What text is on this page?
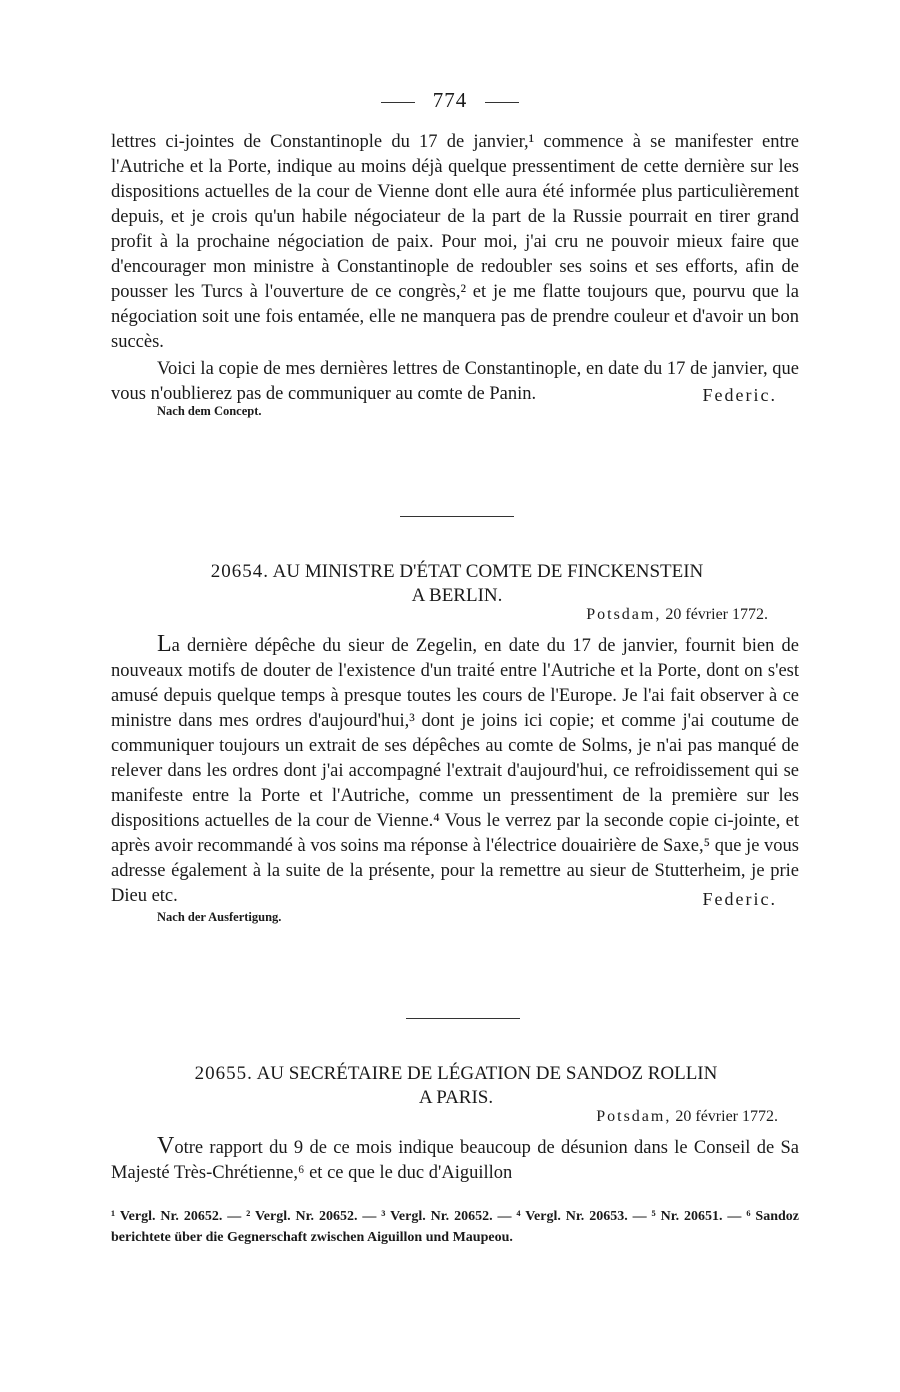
774

lettres ci-jointes de Constantinople du 17 de janvier,¹ commence à se manifester entre l'Autriche et la Porte, indique au moins déjà quelque pressentiment de cette dernière sur les dispositions actuelles de la cour de Vienne dont elle aura été informée plus particulièrement depuis, et je crois qu'un habile négociateur de la part de la Russie pourrait en tirer grand profit à la prochaine négociation de paix. Pour moi, j'ai cru ne pouvoir mieux faire que d'encourager mon ministre à Constantinople de redoubler ses soins et ses efforts, afin de pousser les Turcs à l'ouverture de ce congrès,² et je me flatte toujours que, pourvu que la négociation soit une fois entamée, elle ne manquera pas de prendre couleur et d'avoir un bon succès.

Voici la copie de mes dernières lettres de Constantinople, en date du 17 de janvier, que vous n'oublierez pas de communiquer au comte de Panin.	Federic.
Nach dem Concept.
20654. AU MINISTRE D'ÉTAT COMTE DE FINCKENSTEIN
A BERLIN.
Potsdam, 20 février 1772.

La dernière dépêche du sieur de Zegelin, en date du 17 de janvier, fournit bien de nouveaux motifs de douter de l'existence d'un traité entre l'Autriche et la Porte, dont on s'est amusé depuis quelque temps à presque toutes les cours de l'Europe. Je l'ai fait observer à ce ministre dans mes ordres d'aujourd'hui,³ dont je joins ici copie; et comme j'ai coutume de communiquer toujours un extrait de ses dépêches au comte de Solms, je n'ai pas manqué de relever dans les ordres dont j'ai accompagné l'extrait d'aujourd'hui, ce refroidissement qui se manifeste entre la Porte et l'Autriche, comme un pressentiment de la première sur les dispositions actuelles de la cour de Vienne.⁴ Vous le verrez par la seconde copie ci-jointe, et après avoir recommandé à vos soins ma réponse à l'électrice douairière de Saxe,⁵ que je vous adresse également à la suite de la présente, pour la remettre au sieur de Stutterheim, je prie Dieu etc.	Federic.
Nach der Ausfertigung.
20655. AU SECRÉTAIRE DE LÉGATION DE SANDOZ ROLLIN
A PARIS.
Potsdam, 20 février 1772.

Votre rapport du 9 de ce mois indique beaucoup de désunion dans le Conseil de Sa Majesté Très-Chrétienne,⁶ et ce que le duc d'Aiguillon

¹ Vergl. Nr. 20652. — ² Vergl. Nr. 20652. — ³ Vergl. Nr. 20652. — ⁴ Vergl. Nr. 20653. — ⁵ Nr. 20651. — ⁶ Sandoz berichtete über die Gegnerschaft zwischen Aiguillon und Maupeou.
